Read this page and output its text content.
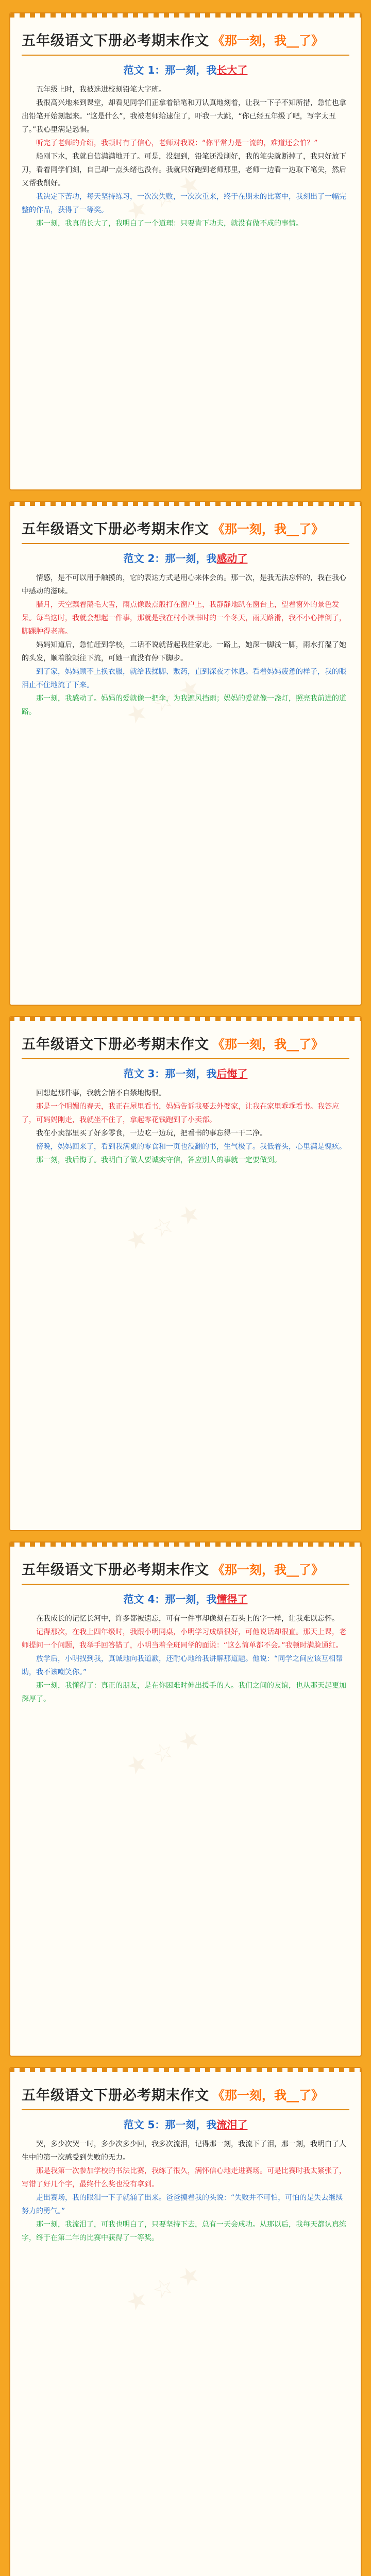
★ ☆ ★
五年级语文下册必考期末作文 《那一刻，我__了》
范文 1：那一刻，我长大了

五年级上时，我被选进校刻铅笔大字班。

我很高兴地来到课堂，却看见同学们正拿着铅笔和刀认真地刻着，让我一下子不知所措，急忙也拿出铅笔开始刻起来。“这是什么”，我被老师给逮住了，吓我一大跳，“你已经五年级了吧，写字太丑了。”我心里满是恐惧。

听完了老师的介绍，我顿时有了信心，老师对我说：“你平常力是一流的，难道还会怕？”

船刚下水，我就自信满满地开了。可是，没想到，铅笔还没削好，我的笔尖就断掉了，我只好放下刀，看着同学们刻，自己却一点头绪也没有。我就只好跑到老师那里，老师一边看一边取下笔尖，然后又帮我削好。

我决定下苦功，每天坚持练习，一次次失败，一次次重来，终于在期末的比赛中，我刻出了一幅完整的作品，获得了一等奖。

那一刻，我真的长大了，我明白了一个道理：只要肯下功夫，就没有做不成的事情。

★ ☆ ★
五年级语文下册必考期末作文 《那一刻，我__了》
范文 2：那一刻，我感动了

情感，是不可以用手触摸的，它的表达方式是用心来体会的。那一次，是我无法忘怀的，我在我心中感动的滋味。

腊月，天空飘着鹅毛大雪，雨点像鼓点般打在窗户上，我静静地趴在窗台上，望着窗外的景色发呆。每当这时，我就会想起一件事，那就是我在村小读书时的一个冬天，雨天路滑，我不小心摔倒了，脚踝肿得老高。

妈妈知道后，急忙赶到学校，二话不说就背起我往家走。一路上，她深一脚浅一脚，雨水打湿了她的头发，顺着脸颊往下流，可她一直没有停下脚步。

到了家，妈妈顾不上换衣服，就给我揉脚、敷药，直到深夜才休息。看着妈妈疲惫的样子，我的眼泪止不住地流了下来。

那一刻，我感动了。妈妈的爱就像一把伞，为我遮风挡雨；妈妈的爱就像一盏灯，照亮我前进的道路。

★ ☆ ★
五年级语文下册必考期末作文 《那一刻，我__了》
范文 3：那一刻，我后悔了

回想起那件事，我就会情不自禁地悔恨。

那是一个明媚的春天，我正在屋里看书，妈妈告诉我要去外婆家，让我在家里乖乖看书。我答应了，可妈妈刚走，我就坐不住了，拿起零花钱跑到了小卖部。

我在小卖部里买了好多零食，一边吃一边玩，把看书的事忘得一干二净。

傍晚，妈妈回来了，看到我满桌的零食和一页也没翻的书，生气极了。我低着头，心里满是愧疚。

那一刻，我后悔了。我明白了做人要诚实守信，答应别人的事就一定要做到。

★ ☆ ★
五年级语文下册必考期末作文 《那一刻，我__了》
范文 4：那一刻，我懂得了

在我成长的记忆长河中，许多都被遗忘，可有一件事却像刻在石头上的字一样，让我难以忘怀。

记得那次，在我上四年级时，我跟小明同桌，小明学习成绩很好，可他说话却很直。那天上课，老师提问一个问题，我举手回答错了，小明当着全班同学的面说：“这么简单都不会。”我顿时满脸通红。

放学后，小明找到我，真诚地向我道歉，还耐心地给我讲解那道题。他说：“同学之间应该互相帮助，我不该嘲笑你。”

那一刻，我懂得了：真正的朋友，是在你困难时伸出援手的人。我们之间的友谊，也从那天起更加深厚了。

★ ☆ ★
五年级语文下册必考期末作文 《那一刻，我__了》
范文 5：那一刻，我流泪了

哭，多少次哭一时，多少次多少回，我多次流泪，记得那一刻，我流下了泪，那一刻，我明白了人生中的第一次感受到失败的无力。

那是我第一次参加学校的书法比赛，我练了很久，满怀信心地走进赛场。可是比赛时我太紧张了，写错了好几个字，最终什么奖也没有拿到。

走出赛场，我的眼泪一下子就涌了出来。爸爸摸着我的头说：“失败并不可怕，可怕的是失去继续努力的勇气。”

那一刻，我流泪了，可我也明白了，只要坚持下去，总有一天会成功。从那以后，我每天都认真练字，终于在第二年的比赛中获得了一等奖。
